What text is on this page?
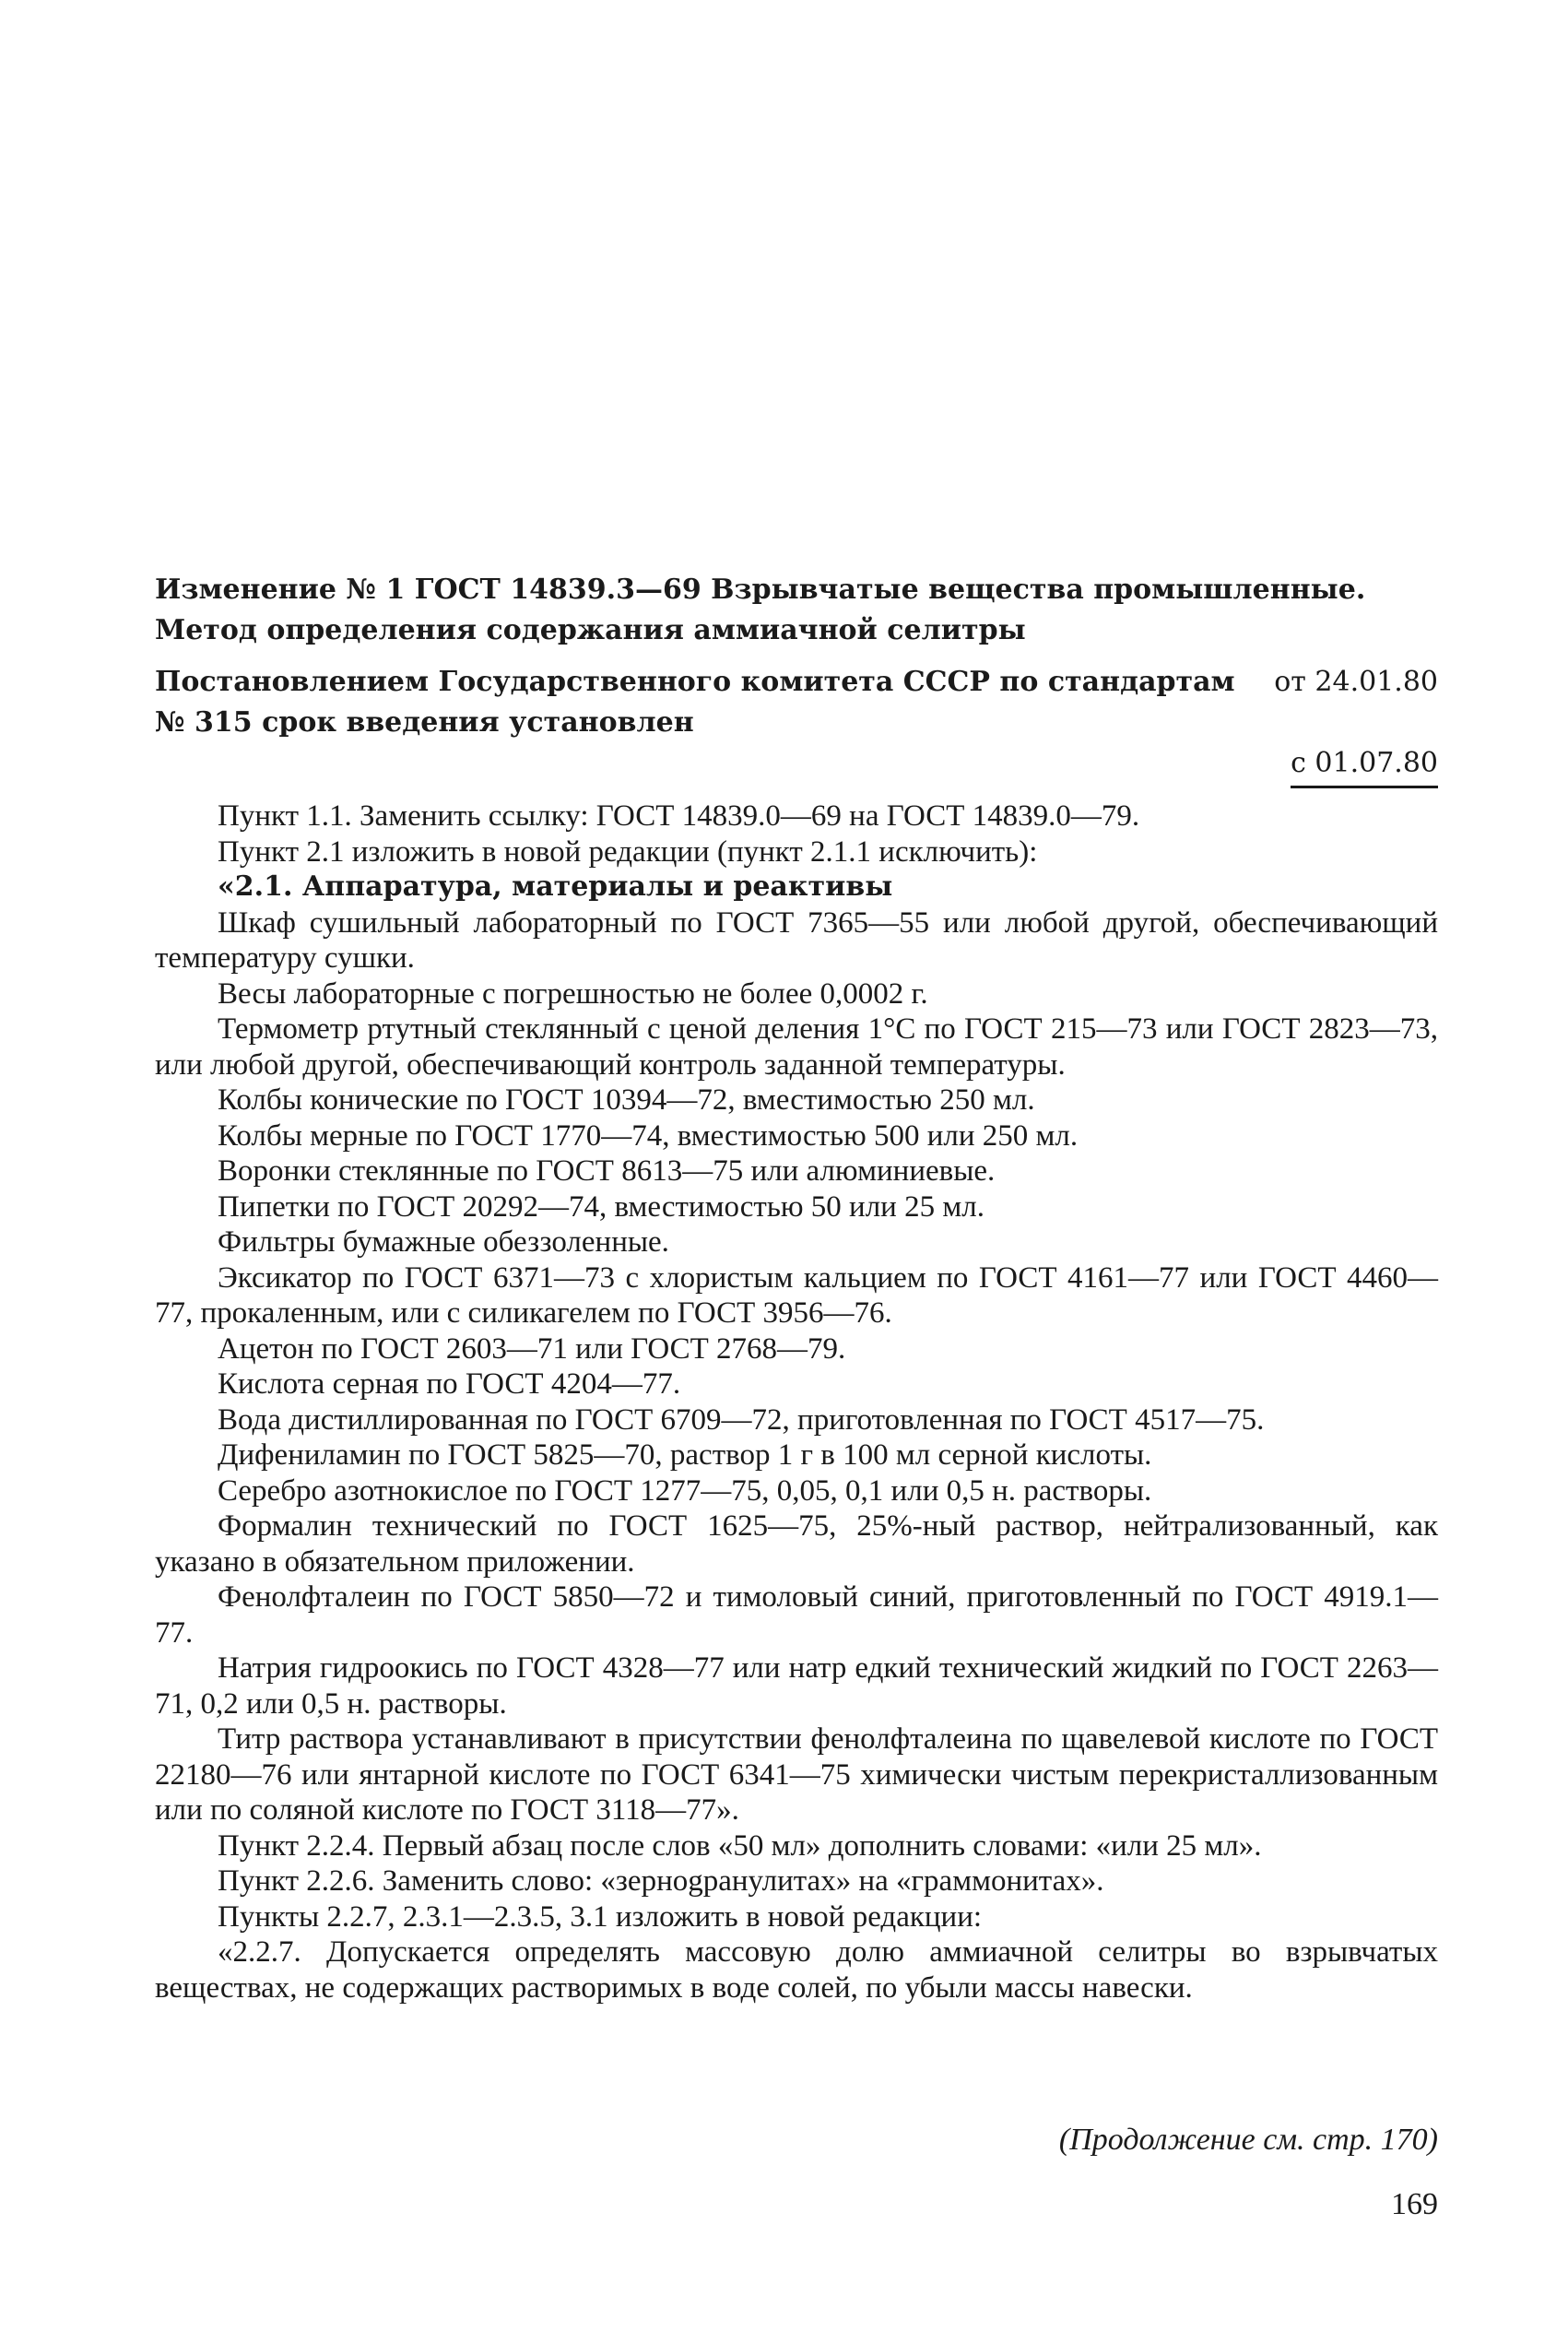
Изменение № 1 ГОСТ 14839.3—69 Взрывчатые вещества промышленные. Метод определения содержания аммиачной селитры
Постановлением Государственного комитета СССР по стандартам от 24.01.80
№ 315 срок введения установлен
с 01.07.80

Пункт 1.1. Заменить ссылку: ГОСТ 14839.0—69 на ГОСТ 14839.0—79.

Пункт 2.1 изложить в новой редакции (пункт 2.1.1 исключить):

«2.1. Аппаратура, материалы и реактивы

Шкаф сушильный лабораторный по ГОСТ 7365—55 или любой другой, обеспечивающий температуру сушки.

Весы лабораторные с погрешностью не более 0,0002 г.

Термометр ртутный стеклянный с ценой деления 1°С по ГОСТ 215—73 или ГОСТ 2823—73, или любой другой, обеспечивающий контроль заданной температуры.

Колбы конические по ГОСТ 10394—72, вместимостью 250 мл.

Колбы мерные по ГОСТ 1770—74, вместимостью 500 или 250 мл.

Воронки стеклянные по ГОСТ 8613—75 или алюминиевые.

Пипетки по ГОСТ 20292—74, вместимостью 50 или 25 мл.

Фильтры бумажные обеззоленные.

Эксикатор по ГОСТ 6371—73 с хлористым кальцием по ГОСТ 4161—77 или ГОСТ 4460—77, прокаленным, или с силикагелем по ГОСТ 3956—76.

Ацетон по ГОСТ 2603—71 или ГОСТ 2768—79.

Кислота серная по ГОСТ 4204—77.

Вода дистиллированная по ГОСТ 6709—72, приготовленная по ГОСТ 4517—75.

Дифениламин по ГОСТ 5825—70, раствор 1 г в 100 мл серной кислоты.

Серебро азотнокислое по ГОСТ 1277—75, 0,05, 0,1 или 0,5 н. растворы.

Формалин технический по ГОСТ 1625—75, 25%-ный раствор, нейтрализованный, как указано в обязательном приложении.

Фенолфталеин по ГОСТ 5850—72 и тимоловый синий, приготовленный по ГОСТ 4919.1—77.

Натрия гидроокись по ГОСТ 4328—77 или натр едкий технический жидкий по ГОСТ 2263—71, 0,2 или 0,5 н. растворы.

Титр раствора устанавливают в присутствии фенолфталеина по щавелевой кислоте по ГОСТ 22180—76 или янтарной кислоте по ГОСТ 6341—75 химически чистым перекристаллизованным или по соляной кислоте по ГОСТ 3118—77».

Пункт 2.2.4. Первый абзац после слов «50 мл» дополнить словами: «или 25 мл».

Пункт 2.2.6. Заменить слово: «зернogранулитах» на «граммонитах».

Пункты 2.2.7, 2.3.1—2.3.5, 3.1 изложить в новой редакции:

«2.2.7. Допускается определять массовую долю аммиачной селитры во взрывчатых веществах, не содержащих растворимых в воде солей, по убыли массы навески.

(Продолжение см. стр. 170)
169
